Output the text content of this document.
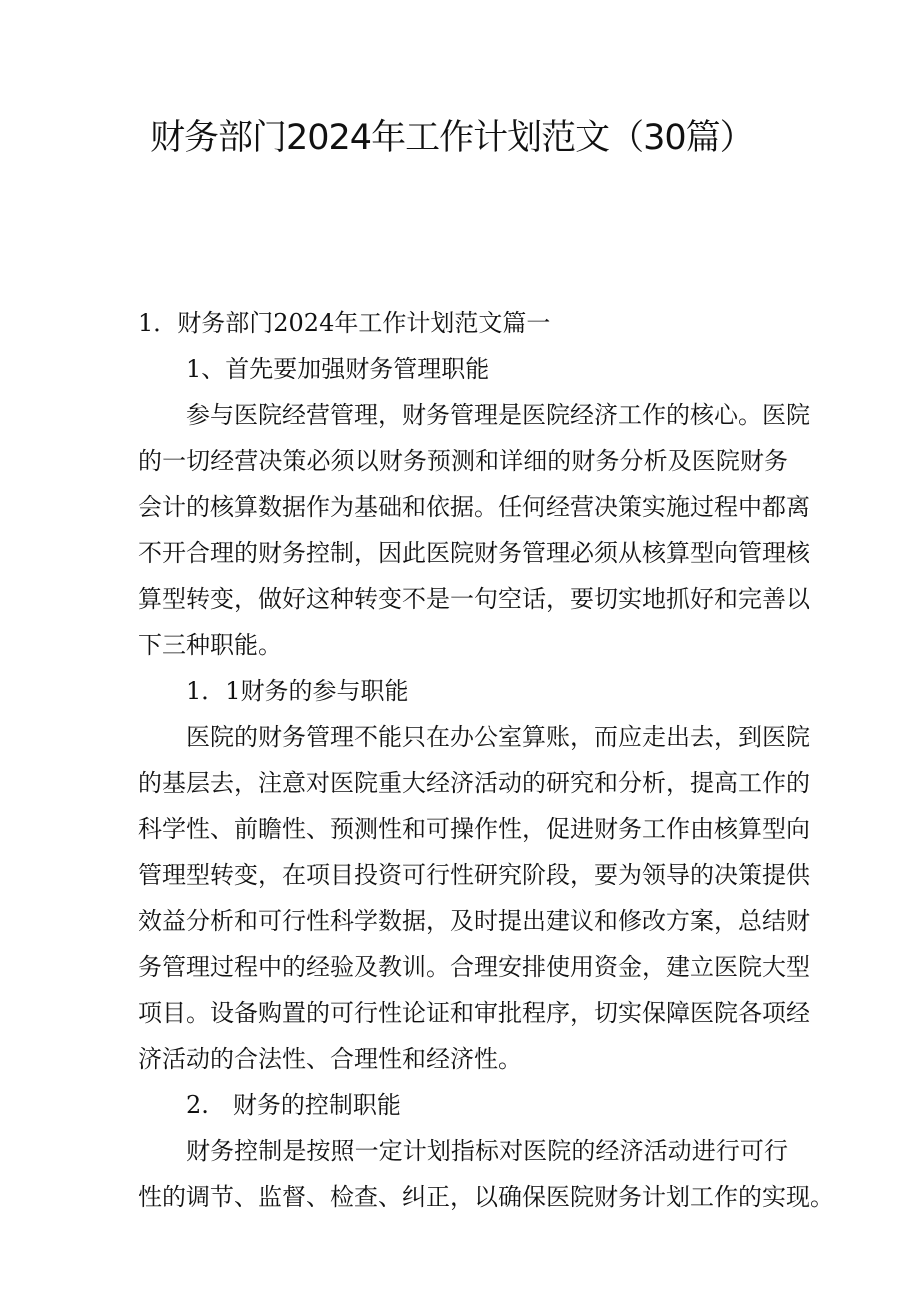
财务部门2024年工作计划范文（30篇）
1．财务部门2024年工作计划范文篇一
1、首先要加强财务管理职能
参与医院经营管理，财务管理是医院经济工作的核心。医院
的一切经营决策必须以财务预测和详细的财务分析及医院财务
会计的核算数据作为基础和依据。任何经营决策实施过程中都离
不开合理的财务控制，因此医院财务管理必须从核算型向管理核
算型转变，做好这种转变不是一句空话，要切实地抓好和完善以
下三种职能。
1．1财务的参与职能
医院的财务管理不能只在办公室算账，而应走出去，到医院
的基层去，注意对医院重大经济活动的研究和分析，提高工作的
科学性、前瞻性、预测性和可操作性，促进财务工作由核算型向
管理型转变，在项目投资可行性研究阶段，要为领导的决策提供
效益分析和可行性科学数据，及时提出建议和修改方案，总结财
务管理过程中的经验及教训。合理安排使用资金，建立医院大型
项目。设备购置的可行性论证和审批程序，切实保障医院各项经
济活动的合法性、合理性和经济性。
2. 财务的控制职能
财务控制是按照一定计划指标对医院的经济活动进行可行
性的调节、监督、检查、纠正，以确保医院财务计划工作的实现。
